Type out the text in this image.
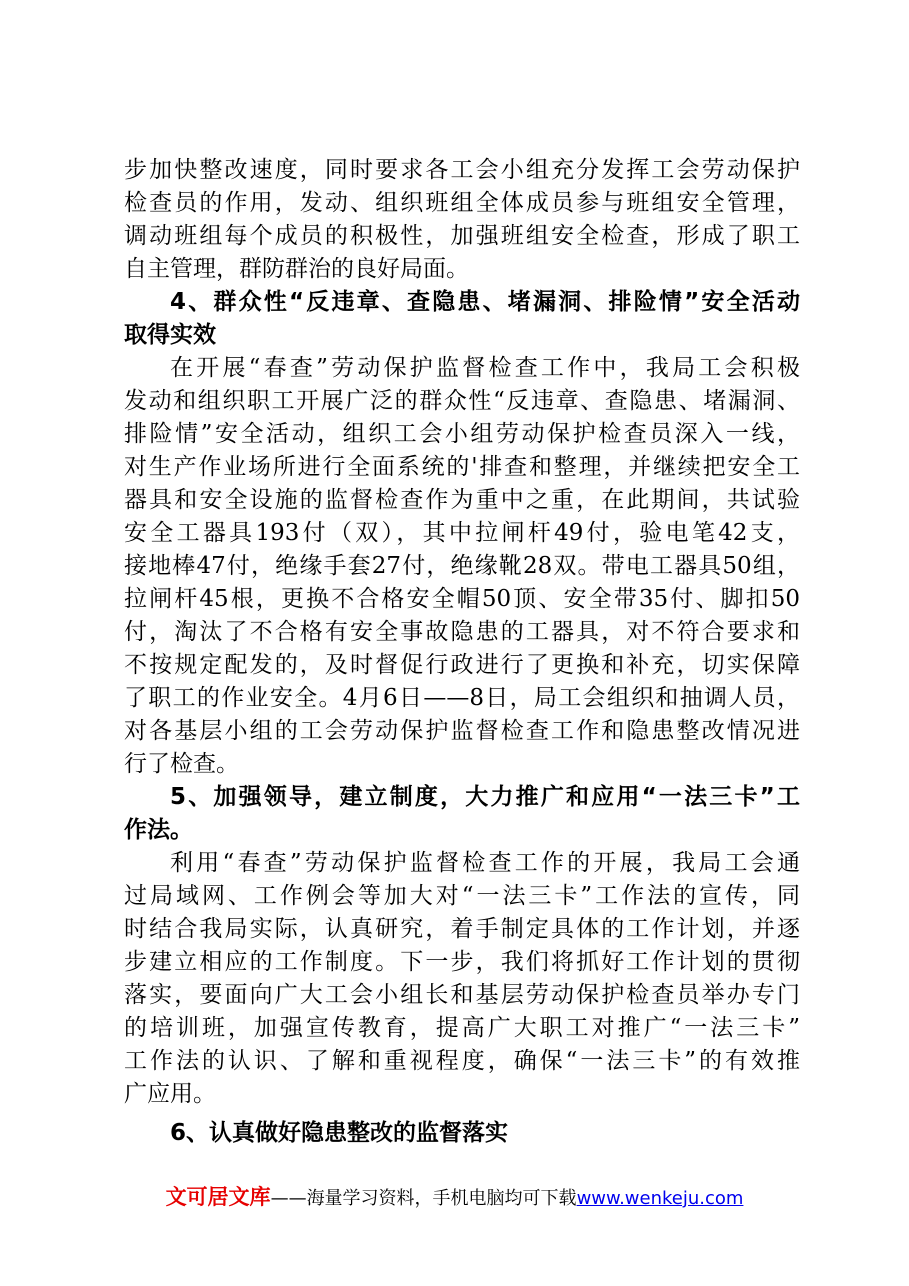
步加快整改速度，同时要求各工会小组充分发挥工会劳动保护
检查员的作用，发动、组织班组全体成员参与班组安全管理，
调动班组每个成员的积极性，加强班组安全检查，形成了职工
自主管理，群防群治的良好局面。
4、群众性“反违章、查隐患、堵漏洞、排险情”安全活动
取得实效
在开展“春查”劳动保护监督检查工作中，我局工会积极
发动和组织职工开展广泛的群众性“反违章、查隐患、堵漏洞、
排险情”安全活动，组织工会小组劳动保护检查员深入一线，
对生产作业场所进行全面系统的'排查和整理，并继续把安全工
器具和安全设施的监督检查作为重中之重，在此期间，共试验
安全工器具193付（双），其中拉闸杆49付，验电笔42支，
接地棒47付，绝缘手套27付，绝缘靴28双。带电工器具50组，
拉闸杆45根，更换不合格安全帽50顶、安全带35付、脚扣50
付，淘汰了不合格有安全事故隐患的工器具，对不符合要求和
不按规定配发的，及时督促行政进行了更换和补充，切实保障
了职工的作业安全。4月6日——8日，局工会组织和抽调人员，
对各基层小组的工会劳动保护监督检查工作和隐患整改情况进
行了检查。
5、加强领导，建立制度，大力推广和应用“一法三卡”工
作法。
利用“春查”劳动保护监督检查工作的开展，我局工会通
过局域网、工作例会等加大对“一法三卡”工作法的宣传，同
时结合我局实际，认真研究，着手制定具体的工作计划，并逐
步建立相应的工作制度。下一步，我们将抓好工作计划的贯彻
落实，要面向广大工会小组长和基层劳动保护检查员举办专门
的培训班，加强宣传教育，提高广大职工对推广“一法三卡”
工作法的认识、了解和重视程度，确保“一法三卡”的有效推
广应用。
6、认真做好隐患整改的监督落实
文可居文库——海量学习资料，手机电脑均可下载www.wenkeju.com
